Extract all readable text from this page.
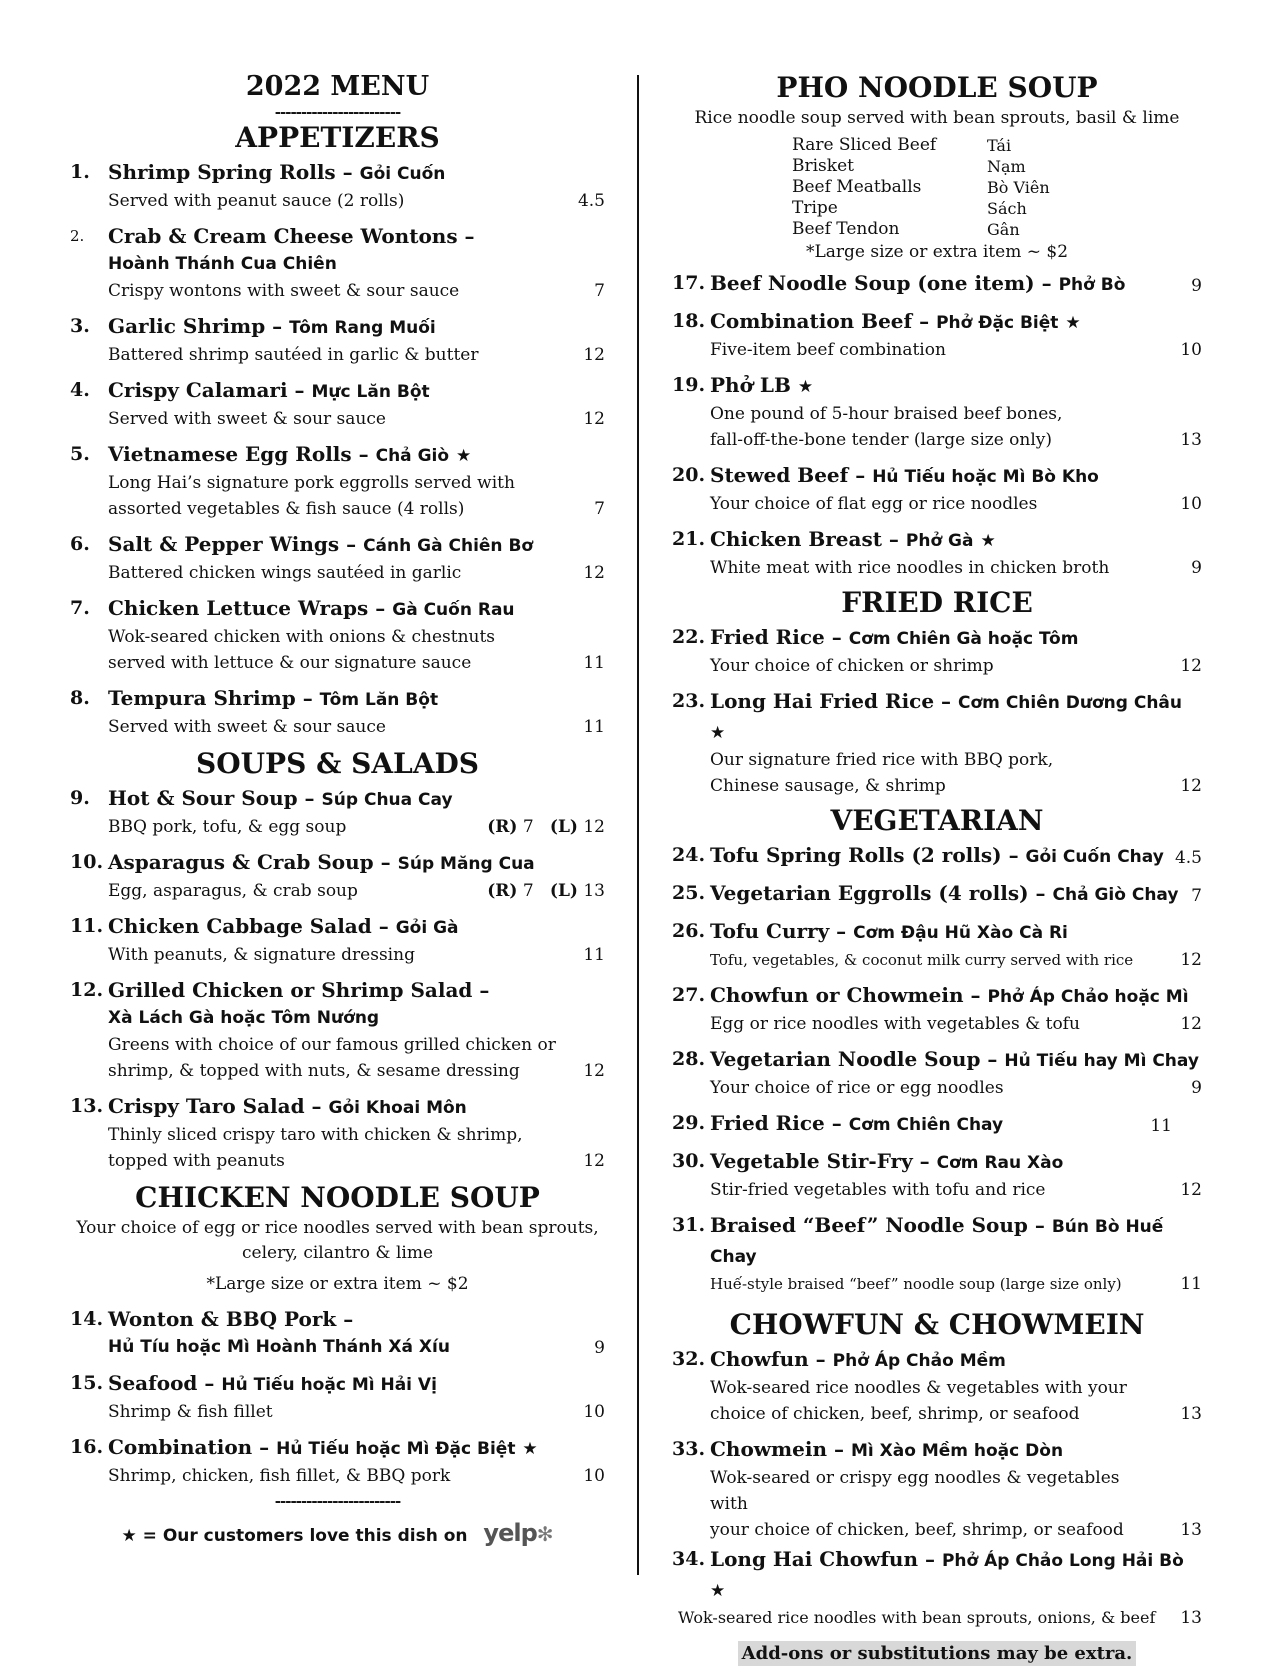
2022 MENU
------------------------
APPETIZERS
1. Shrimp Spring Rolls – Gỏi Cuốn
Served with peanut sauce (2 rolls)	4.5
2. Crab & Cream Cheese Wontons –
Hoành Thánh Cua Chiên
Crispy wontons with sweet & sour sauce	7
3. Garlic Shrimp – Tôm Rang Muối
Battered shrimp sautéed in garlic & butter	12
4. Crispy Calamari – Mực Lăn Bột
Served with sweet & sour sauce	12
5. Vietnamese Egg Rolls – Chả Giò ★
Long Hai’s signature pork eggrolls served with
assorted vegetables & fish sauce (4 rolls)	7
6. Salt & Pepper Wings – Cánh Gà Chiên Bơ
Battered chicken wings sautéed in garlic	12
7. Chicken Lettuce Wraps – Gà Cuốn Rau
Wok-seared chicken with onions & chestnuts
served with lettuce & our signature sauce	11
8. Tempura Shrimp – Tôm Lăn Bột
Served with sweet & sour sauce	11
SOUPS & SALADS
9. Hot & Sour Soup – Súp Chua Cay
BBQ pork, tofu, & egg soup	(R) 7 (L) 12
10. Asparagus & Crab Soup – Súp Măng Cua
Egg, asparagus, & crab soup	(R) 7 (L) 13
11. Chicken Cabbage Salad – Gỏi Gà
With peanuts, & signature dressing	11
12. Grilled Chicken or Shrimp Salad –
Xà Lách Gà hoặc Tôm Nướng
Greens with choice of our famous grilled chicken or
shrimp, & topped with nuts, & sesame dressing	12
13. Crispy Taro Salad – Gỏi Khoai Môn
Thinly sliced crispy taro with chicken & shrimp,
topped with peanuts	12
CHICKEN NOODLE SOUP
Your choice of egg or rice noodles served with bean sprouts,
celery, cilantro & lime
*Large size or extra item ~ $2
14. Wonton & BBQ Pork –
Hủ Tíu hoặc Mì Hoành Thánh Xá Xíu	9
15. Seafood – Hủ Tiếu hoặc Mì Hải Vị
Shrimp & fish fillet	10
16. Combination – Hủ Tiếu hoặc Mì Đặc Biệt ★
Shrimp, chicken, fish fillet, & BBQ pork	10
------------------------
★ = Our customers love this dish on yelp✻
PHO NOODLE SOUP
Rice noodle soup served with bean sprouts, basil & lime
Rare Sliced Beef	Tái
Brisket	Nạm
Beef Meatballs	Bò Viên
Tripe	Sách
Beef Tendon	Gân
*Large size or extra item ~ $2
17. Beef Noodle Soup (one item) – Phở Bò	9
18. Combination Beef – Phở Đặc Biệt ★
Five-item beef combination	10
19. Phở LB ★
One pound of 5-hour braised beef bones,
fall-off-the-bone tender (large size only)	13
20. Stewed Beef – Hủ Tiếu hoặc Mì Bò Kho
Your choice of flat egg or rice noodles	10
21. Chicken Breast – Phở Gà ★
White meat with rice noodles in chicken broth	9
FRIED RICE
22. Fried Rice – Cơm Chiên Gà hoặc Tôm
Your choice of chicken or shrimp	12
23. Long Hai Fried Rice – Cơm Chiên Dương Châu ★
Our signature fried rice with BBQ pork,
Chinese sausage, & shrimp	12
VEGETARIAN
24. Tofu Spring Rolls (2 rolls) – Gỏi Cuốn Chay 4.5
25. Vegetarian Eggrolls (4 rolls) – Chả Giò Chay 7
26. Tofu Curry – Cơm Đậu Hũ Xào Cà Ri
Tofu, vegetables, & coconut milk curry served with rice	12
27. Chowfun or Chowmein – Phở Áp Chảo hoặc Mì
Egg or rice noodles with vegetables & tofu	12
28. Vegetarian Noodle Soup – Hủ Tiếu hay Mì Chay
Your choice of rice or egg noodles	9
29. Fried Rice – Cơm Chiên Chay	11
30. Vegetable Stir-Fry – Cơm Rau Xào
Stir-fried vegetables with tofu and rice	12
31. Braised “Beef” Noodle Soup – Bún Bò Huế Chay
Huế-style braised “beef” noodle soup (large size only)	11
CHOWFUN & CHOWMEIN
32. Chowfun – Phở Áp Chảo Mềm
Wok-seared rice noodles & vegetables with your
choice of chicken, beef, shrimp, or seafood	13
33. Chowmein – Mì Xào Mềm hoặc Dòn
Wok-seared or crispy egg noodles & vegetables with
your choice of chicken, beef, shrimp, or seafood	13
34. Long Hai Chowfun – Phở Áp Chảo Long Hải Bò ★
Wok-seared rice noodles with bean sprouts, onions, & beef	13
Add-ons or substitutions may be extra.
